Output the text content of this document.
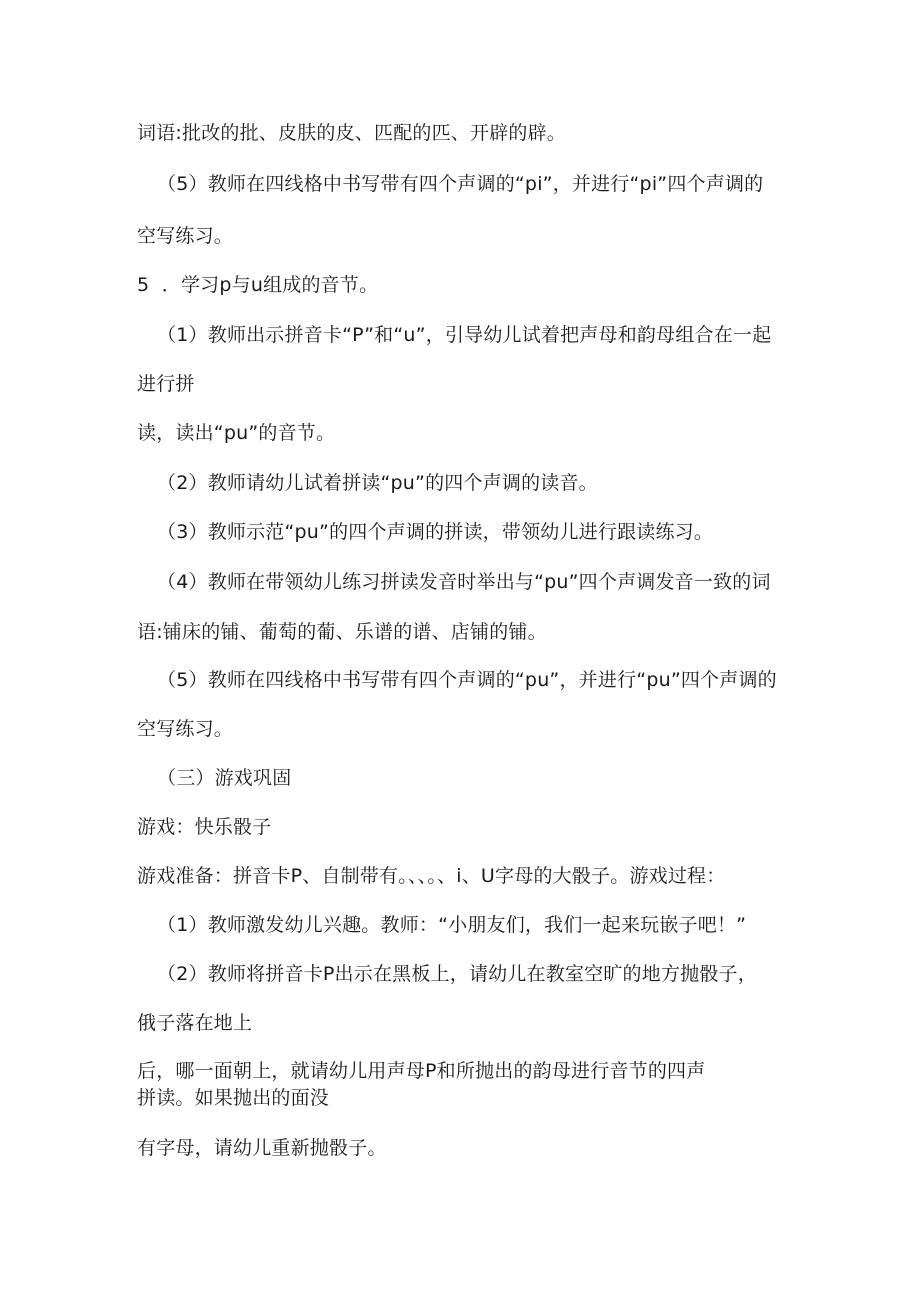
词语:批改的批、皮肤的皮、匹配的匹、开辟的辟。
（5）教师在四线格中书写带有四个声调的“pi”，并进行“pi”四个声调的
空写练习。
5  ．学习p与u组成的音节。
（1）教师出示拼音卡“P”和“u”，引导幼儿试着把声母和韵母组合在一起
进行拼
读，读出“pu”的音节。
（2）教师请幼儿试着拼读“pu”的四个声调的读音。
（3）教师示范“pu”的四个声调的拼读，带领幼儿进行跟读练习。
（4）教师在带领幼儿练习拼读发音时举出与“pu”四个声调发音一致的词
语:铺床的铺、葡萄的葡、乐谱的谱、店铺的铺。
（5）教师在四线格中书写带有四个声调的“pu”，并进行“pu”四个声调的
空写练习。
（三）游戏巩固
游戏：快乐骰子
游戏准备：拼音卡P、自制带有。、、。、i、U字母的大骰子。游戏过程：
（1）教师激发幼儿兴趣。教师：“小朋友们，我们一起来玩嵌子吧！”
（2）教师将拼音卡P出示在黑板上，请幼儿在教室空旷的地方抛骰子，
俄子落在地上
后，哪一面朝上，就请幼儿用声母P和所抛出的韵母进行音节的四声
拼读。如果抛出的面没
有字母，请幼儿重新抛骰子。
